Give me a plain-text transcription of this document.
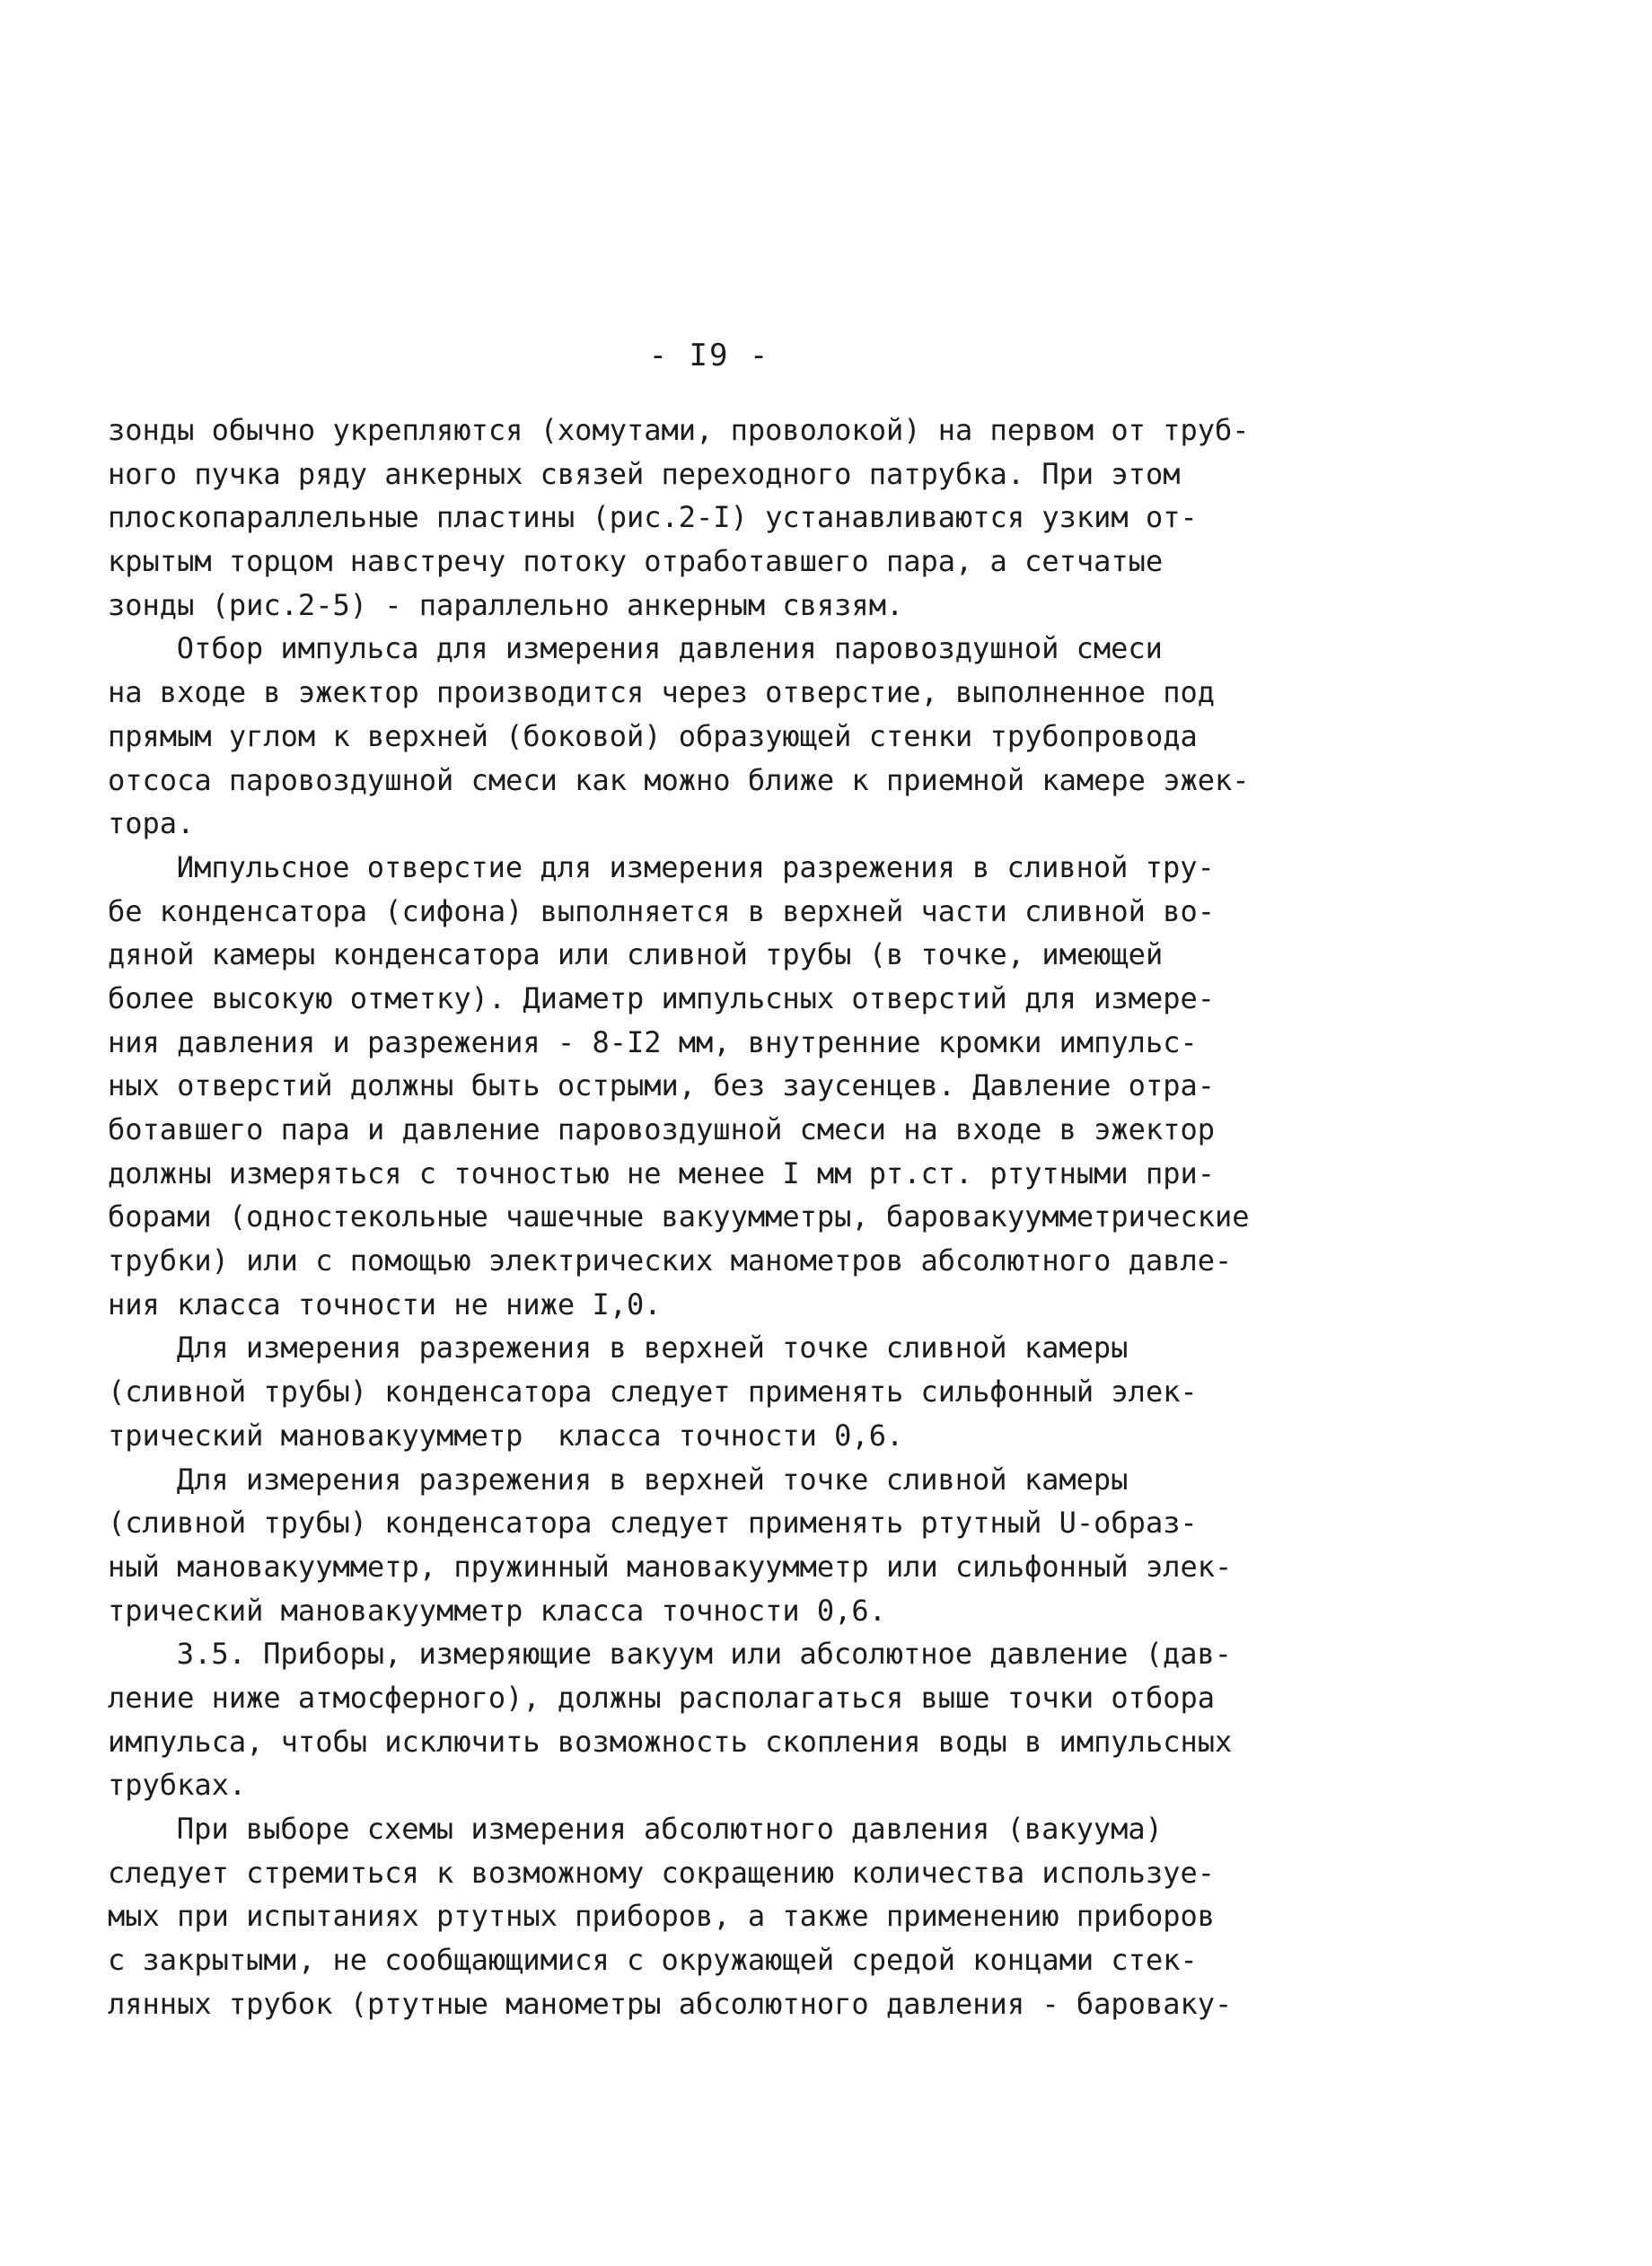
- I9 -
зонды обычно укрепляются (хомутами, проволокой) на первом от труб-
ного пучка ряду анкерных связей переходного патрубка. При этом
плоскопараллельные пластины (рис.2-I) устанавливаются узким от-
крытым торцом навстречу потоку отработавшего пара, а сетчатые
зонды (рис.2-5) - параллельно анкерным связям.
Отбор импульса для измерения давления паровоздушной смеси
на входе в эжектор производится через отверстие, выполненное под
прямым углом к верхней (боковой) образующей стенки трубопровода
отсоса паровоздушной смеси как можно ближе к приемной камере эжек-
тора.
Импульсное отверстие для измерения разрежения в сливной тру-
бе конденсатора (сифона) выполняется в верхней части сливной во-
дяной камеры конденсатора или сливной трубы (в точке, имеющей
более высокую отметку). Диаметр импульсных отверстий для измере-
ния давления и разрежения - 8-I2 мм, внутренние кромки импульс-
ных отверстий должны быть острыми, без заусенцев. Давление отра-
ботавшего пара и давление паровоздушной смеси на входе в эжектор
должны измеряться с точностью не менее I мм рт.ст. ртутными при-
борами (одностекольные чашечные вакуумметры, баровакуумметрические
трубки) или с помощью электрических манометров абсолютного давле-
ния класса точности не ниже I,0.
Для измерения разрежения в верхней точке сливной камеры
(сливной трубы) конденсатора следует применять сильфонный элек-
трический мановакуумметр  класса точности 0,6.
Для измерения разрежения в верхней точке сливной камеры
(сливной трубы) конденсатора следует применять ртутный U-образ-
ный мановакуумметр, пружинный мановакуумметр или сильфонный элек-
трический мановакуумметр класса точности 0,6.
3.5. Приборы, измеряющие вакуум или абсолютное давление (дав-
ление ниже атмосферного), должны располагаться выше точки отбора
импульса, чтобы исключить возможность скопления воды в импульсных
трубках.
При выборе схемы измерения абсолютного давления (вакуума)
следует стремиться к возможному сокращению количества используе-
мых при испытаниях ртутных приборов, а также применению приборов
с закрытыми, не сообщающимися с окружающей средой концами стек-
лянных трубок (ртутные манометры абсолютного давления - баровaку-
